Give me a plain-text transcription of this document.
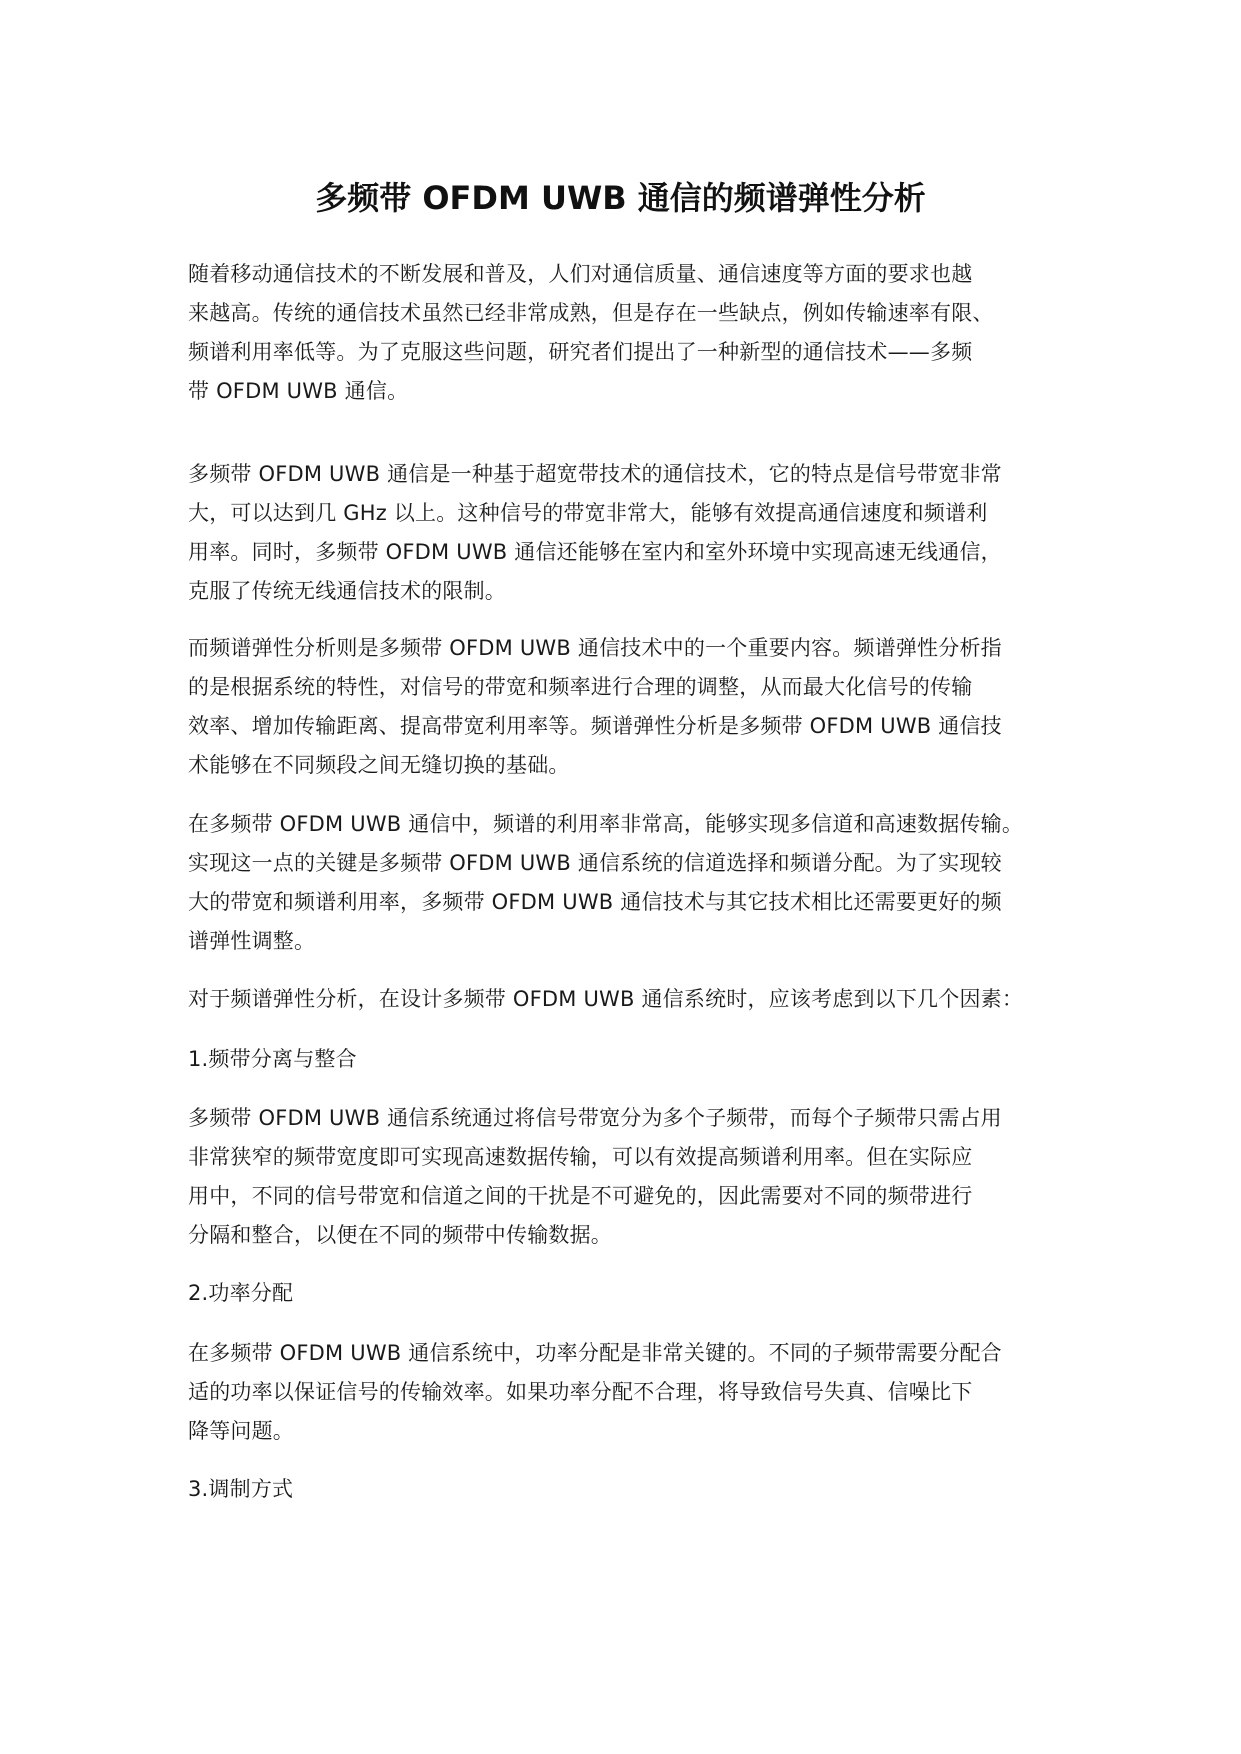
多频带 OFDM UWB 通信的频谱弹性分析

随着移动通信技术的不断发展和普及，人们对通信质量、通信速度等方面的要求也越
来越高。传统的通信技术虽然已经非常成熟，但是存在一些缺点，例如传输速率有限、
频谱利用率低等。为了克服这些问题，研究者们提出了一种新型的通信技术——多频
带 OFDM UWB 通信。

多频带 OFDM UWB 通信是一种基于超宽带技术的通信技术，它的特点是信号带宽非常
大，可以达到几 GHz 以上。这种信号的带宽非常大，能够有效提高通信速度和频谱利
用率。同时，多频带 OFDM UWB 通信还能够在室内和室外环境中实现高速无线通信，
克服了传统无线通信技术的限制。

而频谱弹性分析则是多频带 OFDM UWB 通信技术中的一个重要内容。频谱弹性分析指
的是根据系统的特性，对信号的带宽和频率进行合理的调整，从而最大化信号的传输
效率、增加传输距离、提高带宽利用率等。频谱弹性分析是多频带 OFDM UWB 通信技
术能够在不同频段之间无缝切换的基础。

在多频带 OFDM UWB 通信中，频谱的利用率非常高，能够实现多信道和高速数据传输。
实现这一点的关键是多频带 OFDM UWB 通信系统的信道选择和频谱分配。为了实现较
大的带宽和频谱利用率，多频带 OFDM UWB 通信技术与其它技术相比还需要更好的频
谱弹性调整。

对于频谱弹性分析，在设计多频带 OFDM UWB 通信系统时，应该考虑到以下几个因素：

1.频带分离与整合

多频带 OFDM UWB 通信系统通过将信号带宽分为多个子频带，而每个子频带只需占用
非常狭窄的频带宽度即可实现高速数据传输，可以有效提高频谱利用率。但在实际应
用中，不同的信号带宽和信道之间的干扰是不可避免的，因此需要对不同的频带进行
分隔和整合，以便在不同的频带中传输数据。

2.功率分配

在多频带 OFDM UWB 通信系统中，功率分配是非常关键的。不同的子频带需要分配合
适的功率以保证信号的传输效率。如果功率分配不合理，将导致信号失真、信噪比下
降等问题。

3.调制方式
